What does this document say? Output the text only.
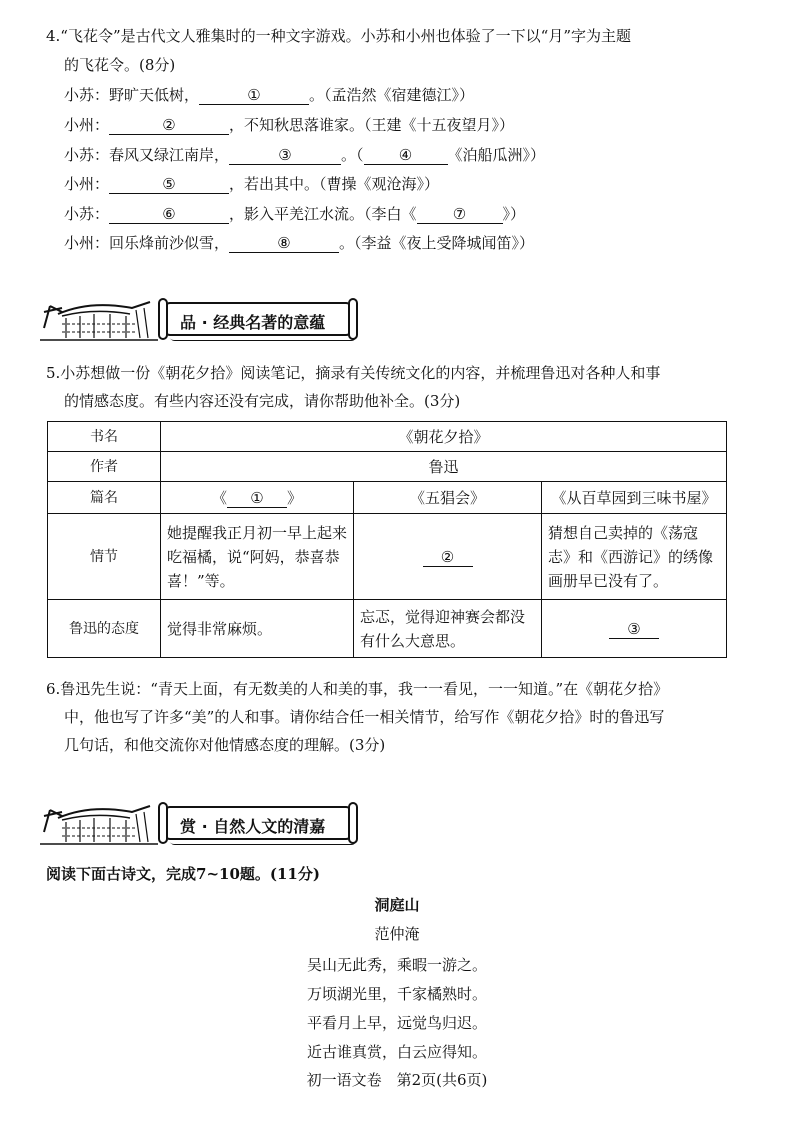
4.“飞花令”是古代文人雅集时的一种文字游戏。小苏和小州也体验了一下以“月”字为主题
的飞花令。(8分)
小苏：野旷天低树，	①	。（孟浩然《宿建德江》）
小州：	②	，不知秋思落谁家。（王建《十五夜望月》）
小苏：春风又绿江南岸，	③	。（ ④ 《泊船瓜洲》）
小州：	⑤	，若出其中。（曹操《观沧海》）
小苏：	⑥	，影入平羌江水流。（李白《 ⑦ 》）
小州：回乐烽前沙似雪，	⑧	。（李益《夜上受降城闻笛》）
品 · 经典名著的意蕴
5.小苏想做一份《朝花夕拾》阅读笔记，摘录有关传统文化的内容，并梳理鲁迅对各种人和事
的情感态度。有些内容还没有完成，请你帮助他补全。(3分)
书名	《朝花夕拾》		
作者	鲁迅		
篇名	《 ① 》	《五猖会》	《从百草园到三味书屋》
情节	她提醒我正月初一早上起来吃福橘，说“阿妈，恭喜恭喜！”等。	②	猜想自己卖掉的《荡寇志》和《西游记》的绣像画册早已没有了。
鲁迅的态度	觉得非常麻烦。	忘忑，觉得迎神赛会都没有什么大意思。	③
6.鲁迅先生说：“青天上面，有无数美的人和美的事，我一一看见，一一知道。”在《朝花夕拾》
中，他也写了许多“美”的人和事。请你结合任一相关情节，给写作《朝花夕拾》时的鲁迅写
几句话，和他交流你对他情感态度的理解。(3分)
赏 · 自然人文的清嘉
阅读下面古诗文，完成7~10题。(11分)
洞庭山
范仲淹
吴山无此秀，乘暇一游之。
万顷湖光里，千家橘熟时。
平看月上早，远觉鸟归迟。
近古谁真赏，白云应得知。
初一语文卷　第2页(共6页)
